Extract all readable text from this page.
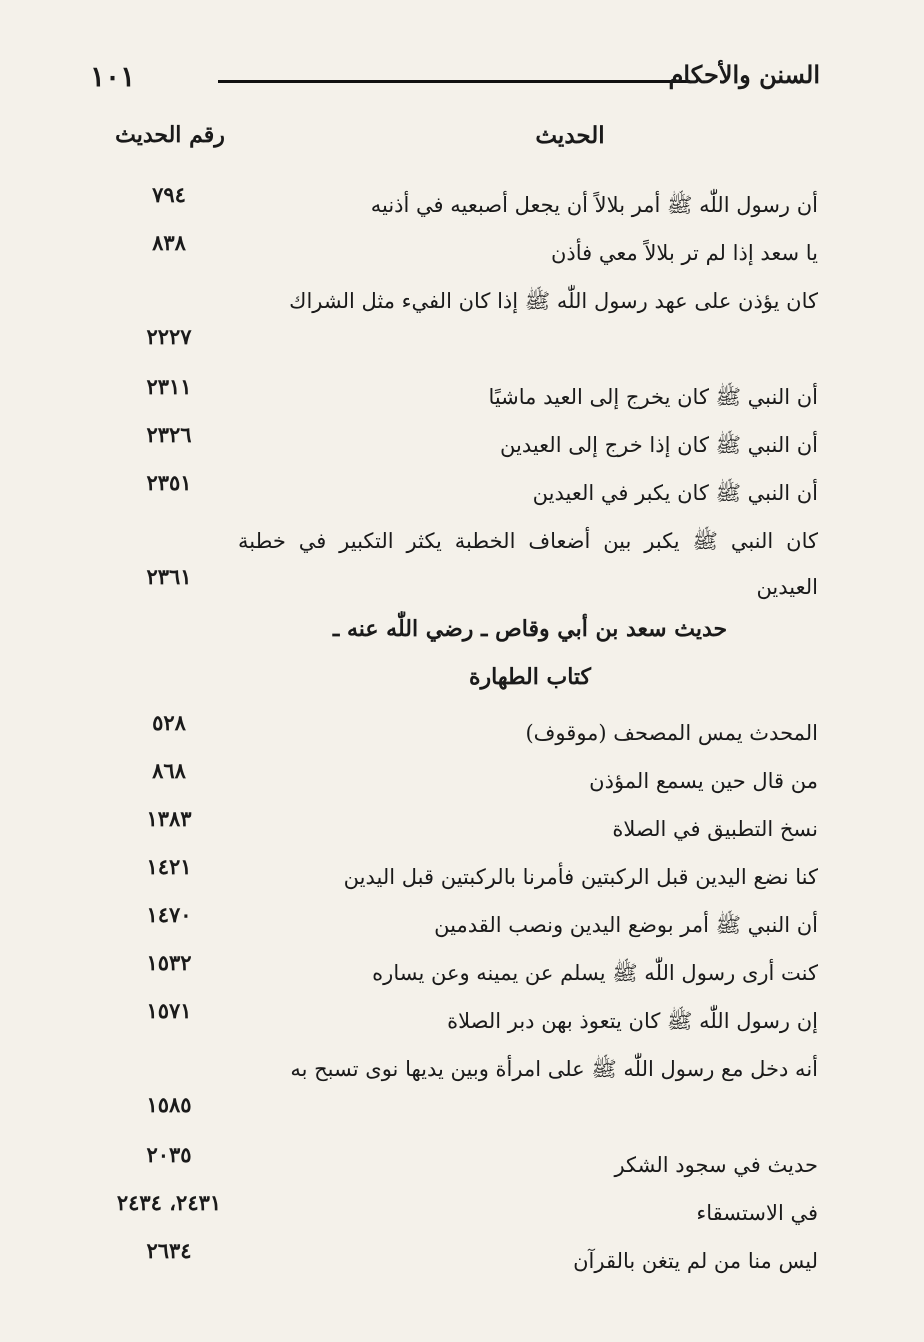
١٠١	السنن والأحكام
الحديث
رقم الحديث
أن رسول اللّٰه ﷺ أمر بلالاً أن يجعل أصبعيه في أذنيه
٧٩٤
يا سعد إذا لم تر بلالاً معي فأذن
٨٣٨
كان يؤذن على عهد رسول اللّٰه ﷺ إذا كان الفيء مثل الشراك
٢٢٢٧
أن النبي ﷺ كان يخرج إلى العيد ماشيًا
٢٣١١
أن النبي ﷺ كان إذا خرج إلى العيدين
٢٣٢٦
أن النبي ﷺ كان يكبر في العيدين
٢٣٥١
كان النبي ﷺ يكبر بين أضعاف الخطبة يكثر التكبير في خطبة العيدين
٢٣٦١
حديث سعد بن أبي وقاص ـ رضي اللّٰه عنه ـ
كتاب الطهارة
المحدث يمس المصحف (موقوف)
٥٢٨
من قال حين يسمع المؤذن
٨٦٨
نسخ التطبيق في الصلاة
١٣٨٣
كنا نضع اليدين قبل الركبتين فأمرنا بالركبتين قبل اليدين
١٤٢١
أن النبي ﷺ أمر بوضع اليدين ونصب القدمين
١٤٧٠
كنت أرى رسول اللّٰه ﷺ يسلم عن يمينه وعن يساره
١٥٣٢
إن رسول اللّٰه ﷺ كان يتعوذ بهن دبر الصلاة
١٥٧١
أنه دخل مع رسول اللّٰه ﷺ على امرأة وبين يديها نوى تسبح به
١٥٨٥
حديث في سجود الشكر
٢٠٣٥
في الاستسقاء
٢٤٣١، ٢٤٣٤
ليس منا من لم يتغن بالقرآن
٢٦٣٤
